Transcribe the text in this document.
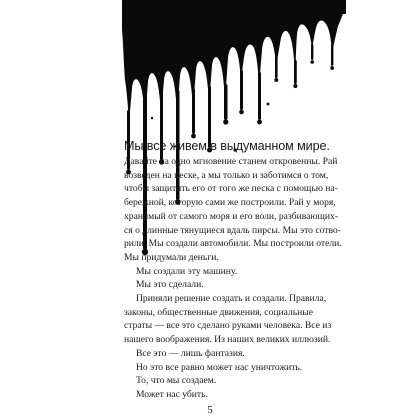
Мы все живем в выдуманном мире.

Давайте на одно мгновение станем откровенны. Рай

возведен на песке, а мы только и заботимся о том,

чтобы защитить его от того же песка с помощью на-

бережной, которую сами же построили. Рай у моря,

хранимый от самого моря и его воли, разбивающих-

ся о длинные тянущиеся вдаль пирсы. Мы это сотво-

рили. Мы создали автомобили. Мы построили отели.

Мы придумали деньги.

Мы создали эту машину.

Мы это сделали.

Приняли решение создать и создали. Правила,

законы, общественные движения, социальные

страты — все это сделано руками человека. Все из

нашего воображения. Из наших великих иллюзий.

Все это — лишь фантазия.

Но это все равно может нас уничтожить.

То, что мы создаем.

Может нас убить.

5
